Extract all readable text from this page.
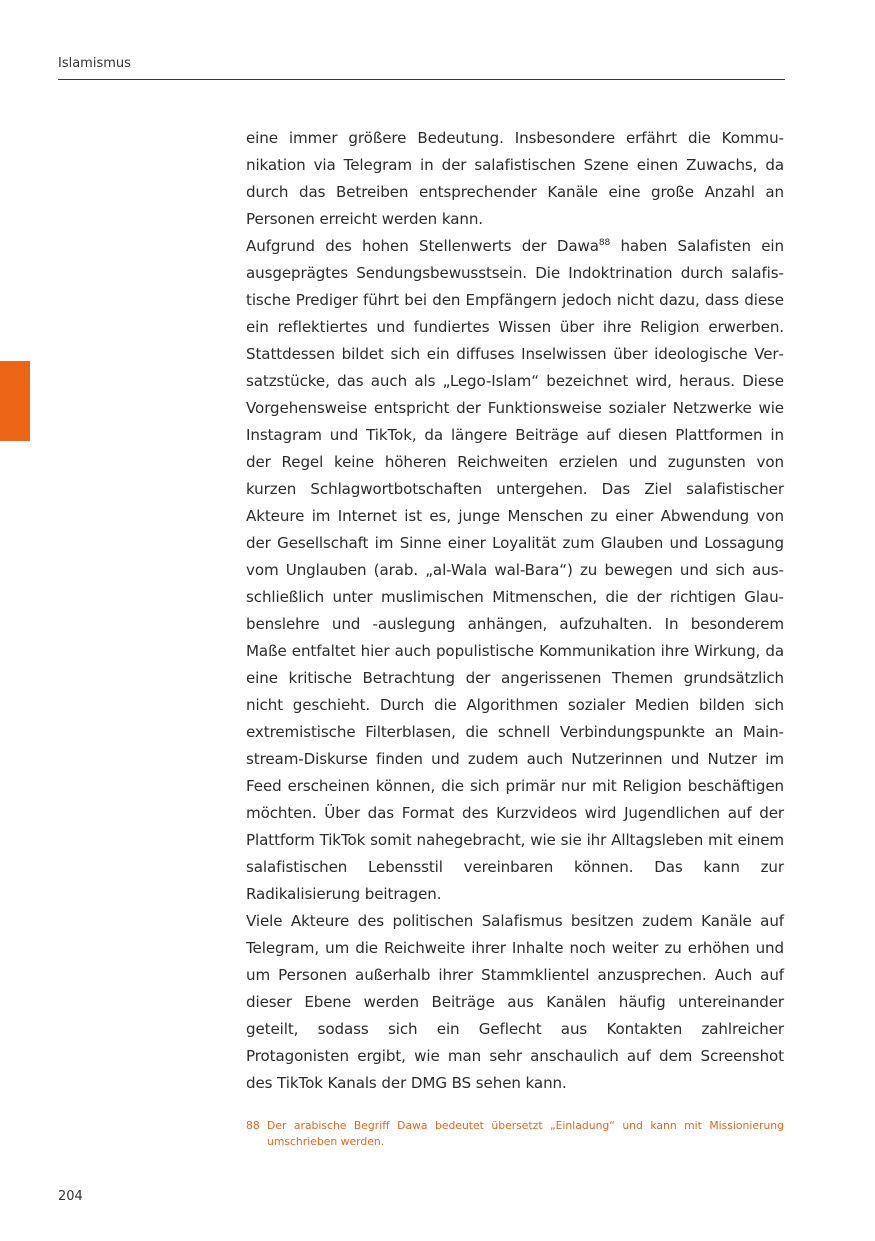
Islamismus

eine immer größere Bedeutung. Insbesondere erfährt die Kommunikation via Telegram in der salafistischen Szene einen Zuwachs, da durch das Betreiben entsprechender Kanäle eine große Anzahl an Personen erreicht werden kann.

Aufgrund des hohen Stellenwerts der Dawa$^{88}$ haben Salafisten ein ausgeprägtes Sendungsbewusstsein. Die Indoktrination durch salafistische Prediger führt bei den Empfängern jedoch nicht dazu, dass diese ein reflektiertes und fundiertes Wissen über ihre Religion erwerben. Stattdessen bildet sich ein diffuses Inselwissen über ideologische Versatzstücke, das auch als „Lego-Islam“ bezeichnet wird, heraus. Diese Vorgehensweise entspricht der Funktionsweise sozialer Netzwerke wie Instagram und TikTok, da längere Beiträge auf diesen Plattformen in der Regel keine höheren Reichweiten erzielen und zugunsten von kurzen Schlagwortbotschaften untergehen. Das Ziel salafistischer Akteure im Internet ist es, junge Menschen zu einer Abwendung von der Gesellschaft im Sinne einer Loyalität zum Glauben und Lossagung vom Unglauben (arab. „al-Wala wal-Bara“) zu bewegen und sich ausschließlich unter muslimischen Mitmenschen, die der richtigen Glaubenslehre und -auslegung anhängen, aufzuhalten. In besonderem Maße entfaltet hier auch populistische Kommunikation ihre Wirkung, da eine kritische Betrachtung der angerissenen Themen grundsätzlich nicht geschieht. Durch die Algorithmen sozialer Medien bilden sich extremistische Filterblasen, die schnell Verbindungspunkte an Mainstream-Diskurse finden und zudem auch Nutzerinnen und Nutzer im Feed erscheinen können, die sich primär nur mit Religion beschäftigen möchten. Über das Format des Kurzvideos wird Jugendlichen auf der Plattform TikTok somit nahegebracht, wie sie ihr Alltagsleben mit einem salafistischen Lebensstil vereinbaren können. Das kann zur Radikalisierung beitragen.

Viele Akteure des politischen Salafismus besitzen zudem Kanäle auf Telegram, um die Reichweite ihrer Inhalte noch weiter zu erhöhen und um Personen außerhalb ihrer Stammklientel anzusprechen. Auch auf dieser Ebene werden Beiträge aus Kanälen häufig untereinander geteilt, sodass sich ein Geflecht aus Kontakten zahlreicher Protagonisten ergibt, wie man sehr anschaulich auf dem Screenshot des TikTok Kanals der DMG BS sehen kann.

88 Der arabische Begriff Dawa bedeutet übersetzt „Einladung“ und kann mit Missionierung umschrieben werden.
204
